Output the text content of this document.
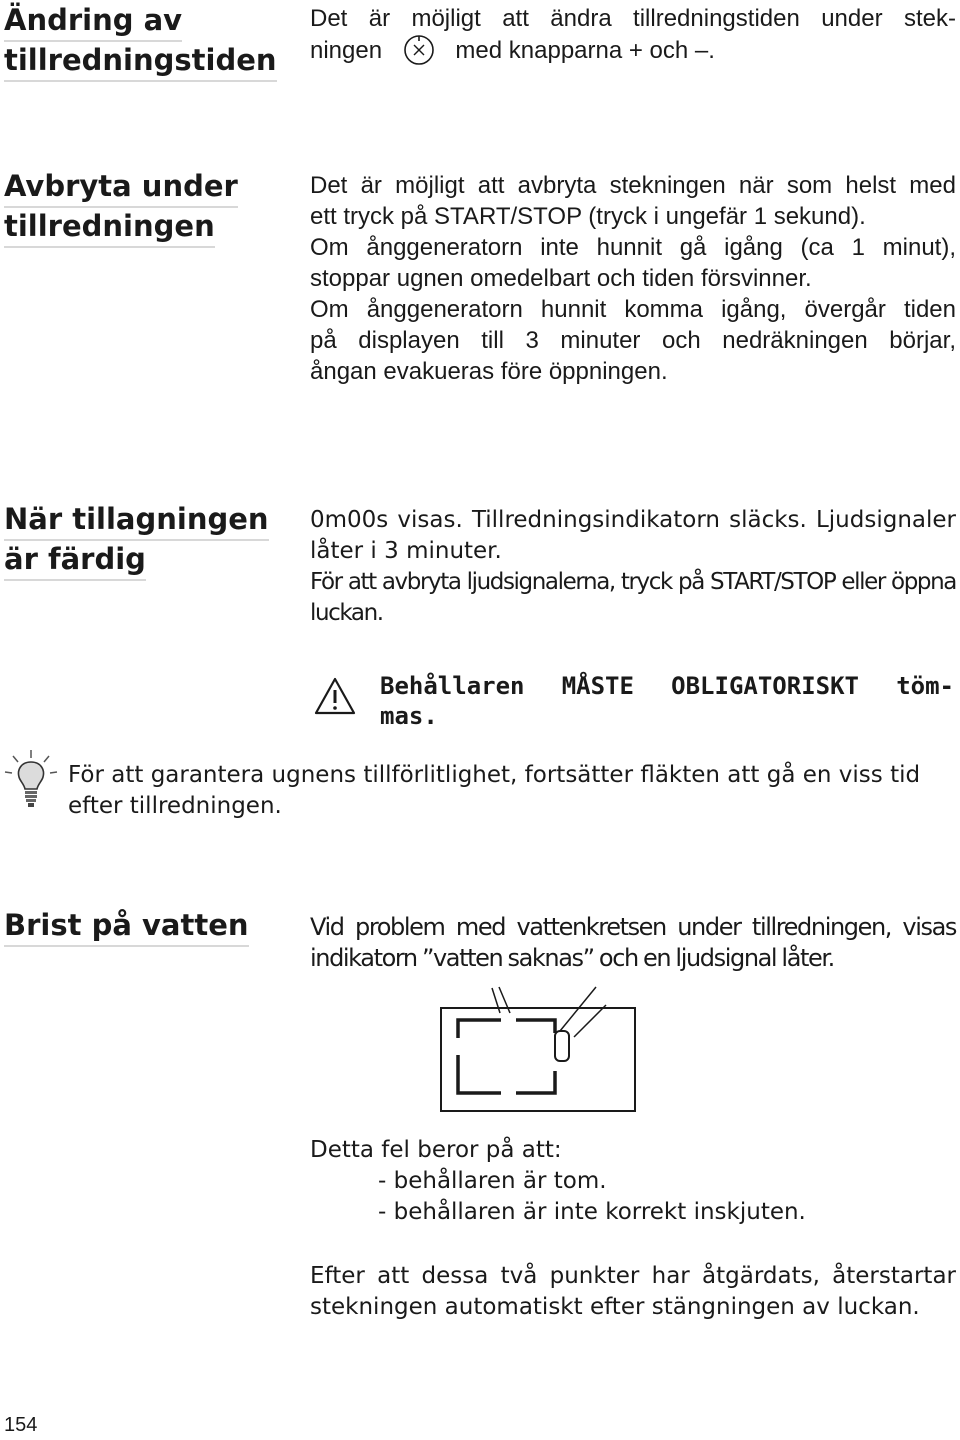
Ändring av
tillredningstiden
Det är möjligt att ändra tillredningstiden under stek-
ningen	med knapparna + och –.
Avbryta under
tillredningen
Det är möjligt att avbryta stekningen när som helst med
ett tryck på START/STOP (tryck i ungefär 1 sekund).
Om ånggeneratorn inte hunnit gå igång (ca 1 minut),
stoppar ugnen omedelbart och tiden försvinner.
Om ånggeneratorn hunnit komma igång, övergår tiden
på displayen till 3 minuter och nedräkningen börjar,
ångan evakueras före öppningen.
När tillagningen
är färdig
0m00s visas. Tillredningsindikatorn släcks. Ljudsignaler
låter i 3 minuter.
För att avbryta ljudsignalerna, tryck på START/STOP eller öppna
luckan.
Behållaren MÅSTE OBLIGATORISKT töm-
mas.
För att garantera ugnens tillförlitlighet, fortsätter fläkten att gå en viss tid
efter tillredningen.
Brist på vatten	Vid problem med vattenkretsen under tillredningen, visas
indikatorn ”vatten saknas” och en ljudsignal låter.

Detta fel beror på att:

- behållaren är tom.

- behållaren är inte korrekt inskjuten.

Efter att dessa två punkter har åtgärdats, återstartar
stekningen automatiskt efter stängningen av luckan.
154
